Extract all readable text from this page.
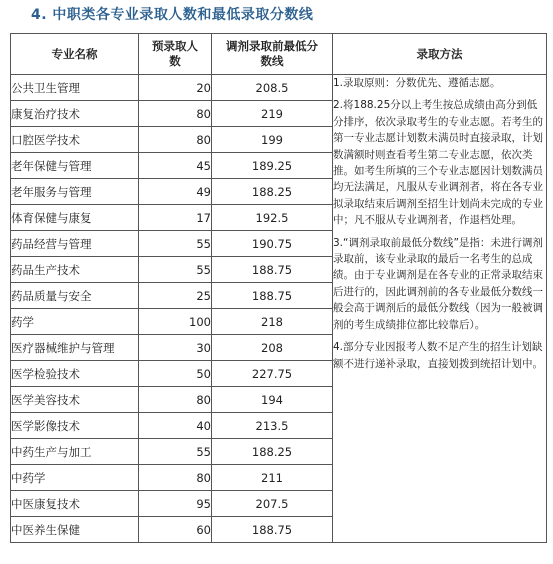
4. 中职类各专业录取人数和最低录取分数线
专业名称	预录取人数	调剂录取前最低分数线	录取方法
公共卫生管理	20	208.5	1.录取原则：分数优先、遵循志愿。
2.将188.25分以上考生按总成绩由高分到低分排序，依次录取考生的专业志愿。若考生的第一专业志愿计划数未满员时直接录取，计划数满额时则查看考生第二专业志愿，依次类推。如考生所填的三个专业志愿因计划数满员均无法满足，凡服从专业调剂者，将在各专业拟录取结束后调剂至招生计划尚未完成的专业中；凡不服从专业调剂者，作退档处理。
3.“调剂录取前最低分数线”是指：未进行调剂录取前，该专业录取的最后一名考生的总成绩。由于专业调剂是在各专业的正常录取结束后进行的，因此调剂前的各专业最低分数线一般会高于调剂后的最低分数线（因为一般被调剂的考生成绩排位都比较靠后）。
4.部分专业因报考人数不足产生的招生计划缺额不进行递补录取，直接划拨到统招计划中。

康复治疗技术	80	219	
口腔医学技术	80	199	
老年保健与管理	45	189.25	
老年服务与管理	49	188.25	
体育保健与康复	17	192.5	
药品经营与管理	55	190.75	
药品生产技术	55	188.75	
药品质量与安全	25	188.75	
药学	100	218	
医疗器械维护与管理	30	208	
医学检验技术	50	227.75	
医学美容技术	80	194	
医学影像技术	40	213.5	
中药生产与加工	55	188.25	
中药学	80	211	
中医康复技术	95	207.5	
中医养生保健	60	188.75	
